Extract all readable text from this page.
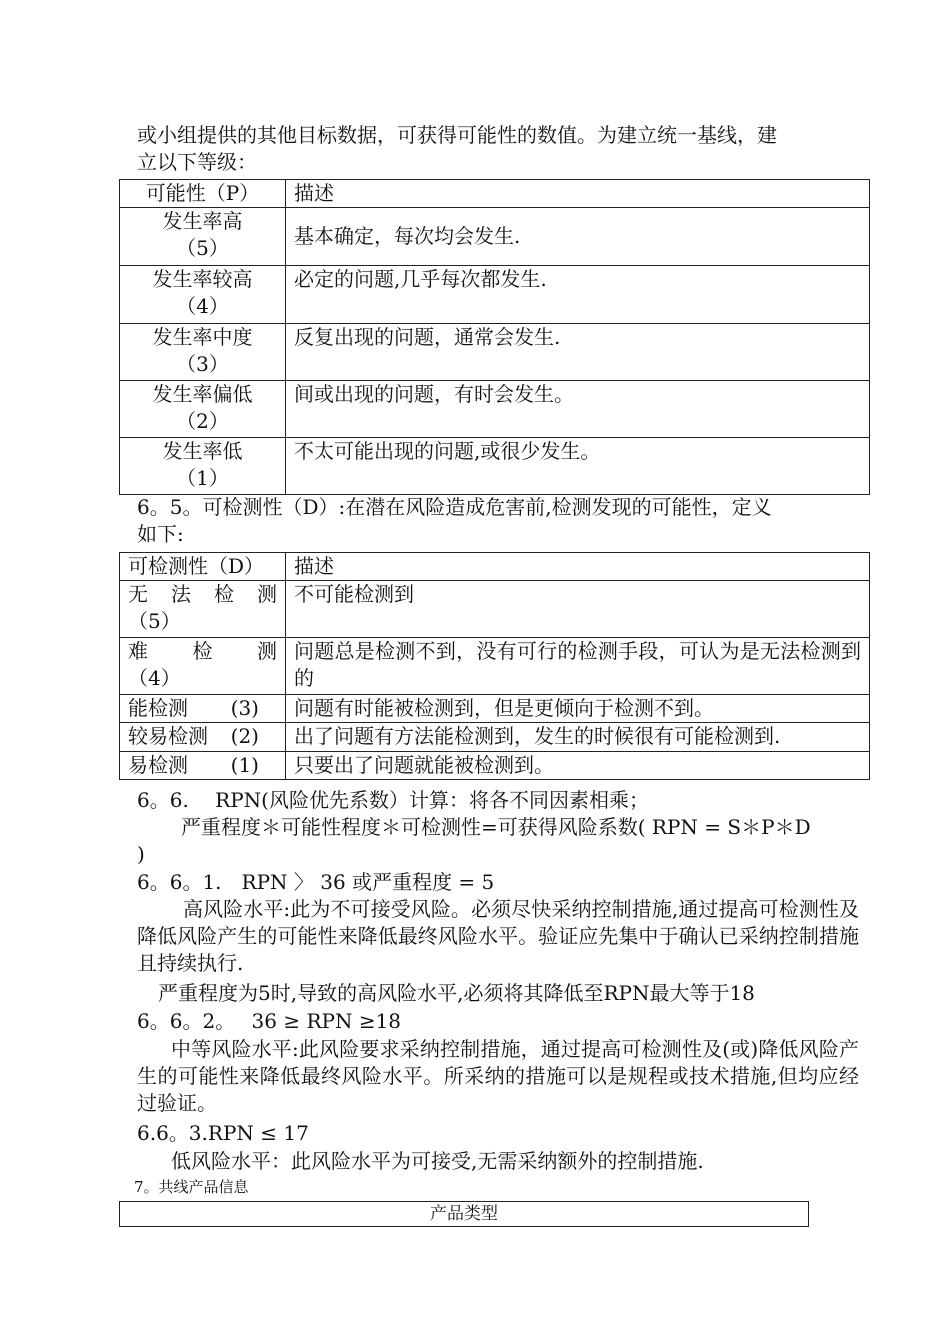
或小组提供的其他目标数据，可获得可能性的数值。为建立统一基线，建
立以下等级：
可能性（P）	描述

发生率高
（5）	基本确定，每次均会发生.

发生率较高
（4）	必定的问题,几乎每次都发生.

发生率中度
（3）	反复出现的问题，通常会发生.

发生率偏低
（2）	间或出现的问题，有时会发生。

发生率低
（1）	不太可能出现的问题,或很少发生。
6。5。可检测性（D）:在潜在风险造成危害前,检测发现的可能性，定义
如下:
可检测性（D）	描述

无 法 检 测
（5）	不可能检测到

难 检 测
（4）	问题总是检测不到，没有可行的检测手段，可认为是无法检测到的

能检测 (3)	问题有时能被检测到，但是更倾向于检测不到。

较易检测 (2)	出了问题有方法能检测到，发生的时候很有可能检测到.

易检测 (1)	只要出了问题就能被检测到。
6。6.　 RPN(风险优先系数）计算：将各不同因素相乘；
严重程度＊可能性程度＊可检测性=可获得风险系数( RPN = S＊P＊D
)
6。6。1.　RPN 〉 36 或严重程度 = 5
高风险水平:此为不可接受风险。必须尽快采纳控制措施,通过提高可检测性及降低风险产生的可能性来降低最终风险水平。验证应先集中于确认已采纳控制措施且持续执行.
严重程度为5时,导致的高风险水平,必须将其降低至RPN最大等于18
6。6。2。　 36 ≥ RPN ≥18
中等风险水平:此风险要求采纳控制措施，通过提高可检测性及(或)降低风险产生的可能性来降低最终风险水平。所采纳的措施可以是规程或技术措施,但均应经过验证。
6.6。3.RPN ≤ 17
低风险水平：此风险水平为可接受,无需采纳额外的控制措施.
7。共线产品信息
产品类型
